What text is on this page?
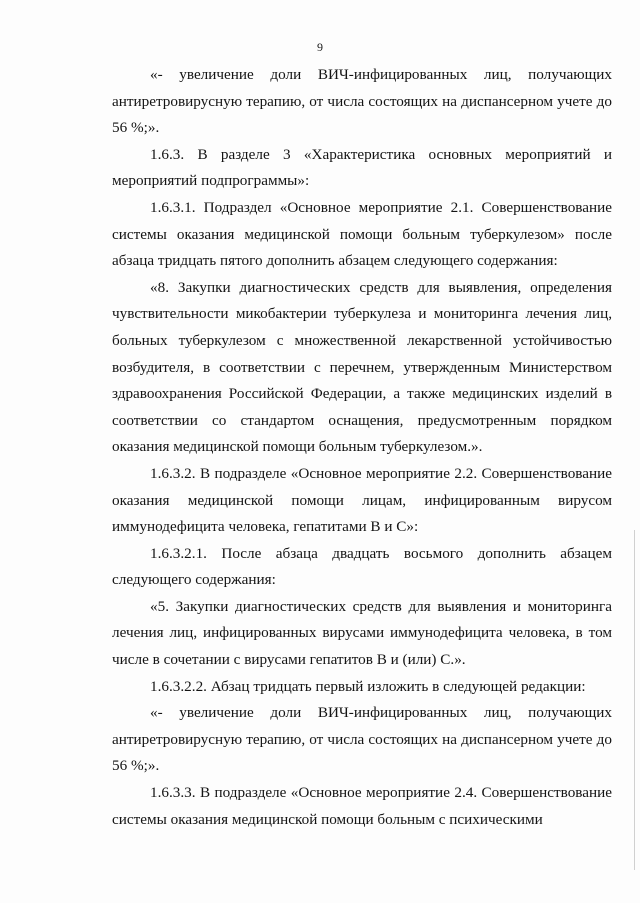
9

«- увеличение доли ВИЧ-инфицированных лиц, получающих антиретровирусную терапию, от числа состоящих на диспансерном учете до 56 %;».

1.6.3. В разделе 3 «Характеристика основных мероприятий и мероприятий подпрограммы»:

1.6.3.1. Подраздел «Основное мероприятие 2.1. Совершенствование системы оказания медицинской помощи больным туберкулезом» после абзаца тридцать пятого дополнить абзацем следующего содержания:

«8. Закупки диагностических средств для выявления, определения чувствительности микобактерии туберкулеза и мониторинга лечения лиц, больных туберкулезом с множественной лекарственной устойчивостью возбудителя, в соответствии с перечнем, утвержденным Министерством здравоохранения Российской Федерации, а также медицинских изделий в соответствии со стандартом оснащения, предусмотренным порядком оказания медицинской помощи больным туберкулезом.».

1.6.3.2. В подразделе «Основное мероприятие 2.2. Совершенствование оказания медицинской помощи лицам, инфицированным вирусом иммунодефицита человека, гепатитами В и С»:

1.6.3.2.1. После абзаца двадцать восьмого дополнить абзацем следующего содержания:

«5. Закупки диагностических средств для выявления и мониторинга лечения лиц, инфицированных вирусами иммунодефицита человека, в том числе в сочетании с вирусами гепатитов В и (или) С.».

1.6.3.2.2. Абзац тридцать первый изложить в следующей редакции:

«- увеличение доли ВИЧ-инфицированных лиц, получающих антиретровирусную терапию, от числа состоящих на диспансерном учете до 56 %;».

1.6.3.3. В подразделе «Основное мероприятие 2.4. Совершенствование системы оказания медицинской помощи больным с психическими
